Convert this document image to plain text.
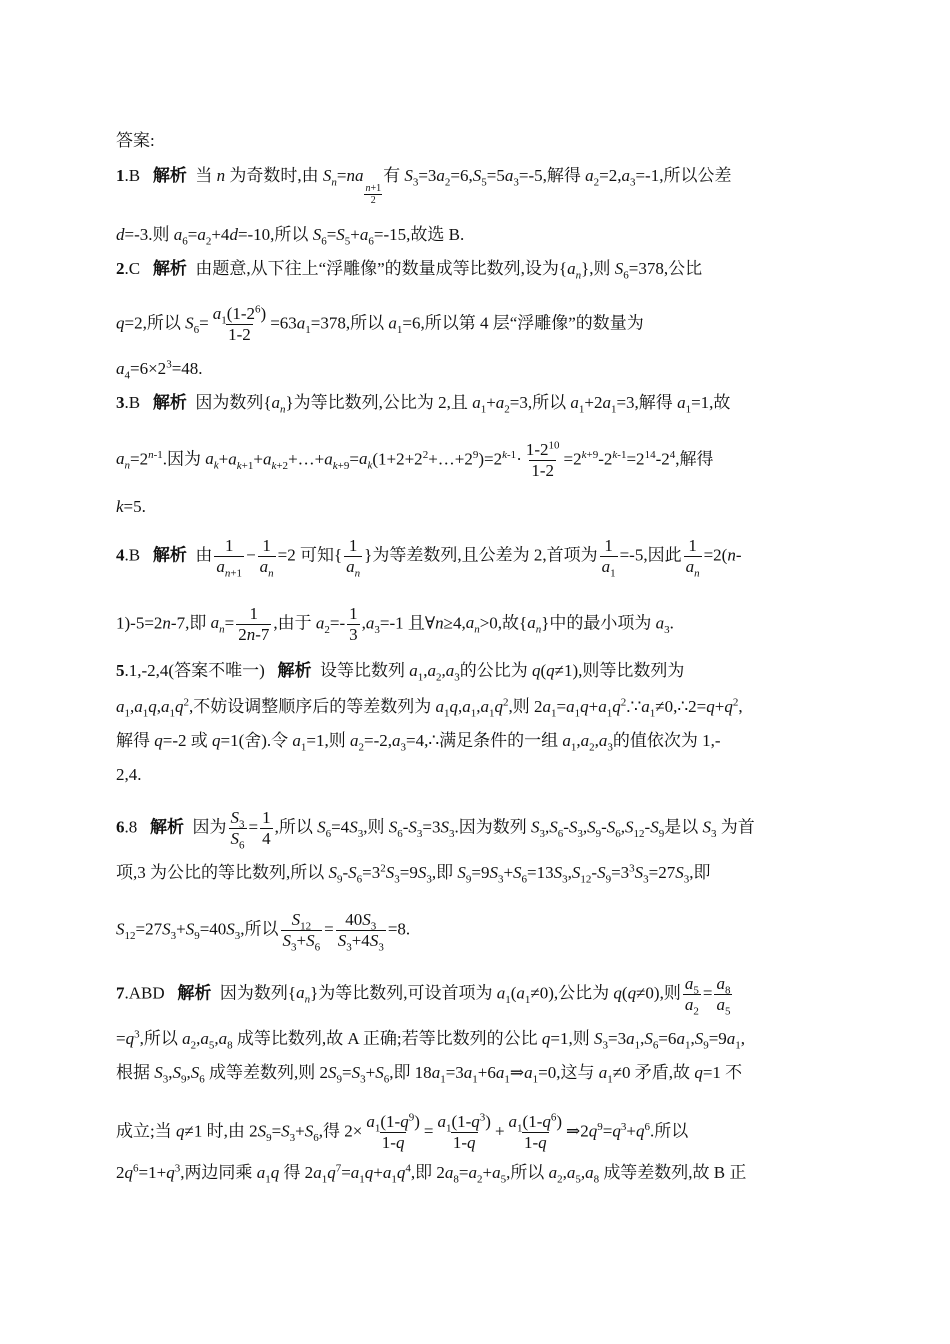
答案:
1.B 解析  当 n 为奇数时,由 $S_n=na$
$\frac{n+1}{2}$
有 $S_3=3a_2=6,S_5=5a_3=-5$,解得 $a_2=2,a_3=-1$,所以公差
d=-3.则 $a_6=a_2+4d=-10$,所以 $S_6=S_5+a_6=-15$,故选 B.
2.C 解析  由题意,从下往上“浮雕像”的数量成等比数列,设为$\{a_n\}$,则 $S_6=378$,公比
q=2,所以 $S_6= \frac{a_1(1-2^6)}{1-2} =63a_1=378$,所以 $a_1=6$,所以第 4 层“浮雕像”的数量为
$a_4=6\times 2^3=48$.
3.B 解析  因为数列$\{a_n\}$为等比数列,公比为 2,且 $a_1+a_2=3$,所以 $a_1+2a_1=3$,解得 $a_1=1$,故
$a_n=2^{n-1}$.因为 $a_k+a_{k+1}+a_{k+2}+\dots+a_{k+9}=a_k(1+2+2^2+\dots+2^9)=2^{k-1}\cdot \frac{1-2^{10}}{1-2} =2^{k+9}-2^{k-1}=2^{14}-2^4$,解得
k=5.
4.B 解析  由 $\frac{1}{a_{n+1}} - \frac{1}{a_n} =2$ 可知{ $\frac{1}{a_n}$ }为等差数列,且公差为 2,首项为 $\frac{1}{a_1} =-5$,因此 $\frac{1}{a_n} =2(n-$
1)-5=2n-7,即 $a_n= \frac{1}{2n-7}$ ,由于 $a_2=- \frac{1}{3} ,a_3=-1$ 且$\forall n\ge 4,a_n>0$,故$\{a_n\}$中的最小项为 $a_3$.
5.1,-2,4(答案不唯一) 解析  设等比数列 $a_1,a_2,a_3$的公比为 q(q≠1),则等比数列为
$a_1,a_1q,a_1q^2$,不妨设调整顺序后的等差数列为 $a_1q,a_1,a_1q^2$,则 $2a_1=a_1q+a_1q^2.\because a_1\ne 0,\therefore 2=q+q^2$,
解得 q=-2 或 q=1(舍).令 $a_1=1$,则 $a_2=-2,a_3=4,\therefore$满足条件的一组 $a_1,a_2,a_3$的值依次为 1,-
2,4.
6.8 解析  因为 $\frac{S_3}{S_6} = \frac{1}{4}$ ,所以 $S_6=4S_3$,则 $S_6-S_3=3S_3$.因为数列 $S_3,S_6-S_3,S_9-S_6,S_{12}-S_9$是以 $S_3$ 为首
项,3 为公比的等比数列,所以 $S_9-S_6=3^2S_3=9S_3$,即 $S_9=9S_3+S_6=13S_3,S_{12}-S_9=3^3S_3=27S_3$,即
$S_{12}=27S_3+S_9=40S_3$,所以 $\frac{S_{12}}{S_3+S_6} = \frac{40S_3}{S_3+4S_3} =8$.
7.ABD 解析  因为数列$\{a_n\}$为等比数列,可设首项为 $a_1(a_1\ne 0)$,公比为 q(q≠0),则 $\frac{a_5}{a_2} = \frac{a_8}{a_5}$
$=q^3$,所以 $a_2,a_5,a_8$ 成等比数列,故 A 正确;若等比数列的公比 q=1,则 $S_3=3a_1,S_6=6a_1,S_9=9a_1$,
根据 $S_3,S_9,S_6$ 成等差数列,则 $2S_9=S_3+S_6$,即 $18a_1=3a_1+6a_1\Rightarrow a_1=0$,这与 $a_1\ne 0$ 矛盾,故 q=1 不
成立;当 q≠1 时,由 $2S_9=S_3+S_6$,得 $2\times \frac{a_1(1-q^9)}{1-q} = \frac{a_1(1-q^3)}{1-q} + \frac{a_1(1-q^6)}{1-q}$ $\Rightarrow 2q^9=q^3+q^6$.所以
$2q^6=1+q^3$,两边同乘 $a_1q$ 得 $2a_1q^7=a_1q+a_1q^4$,即 $2a_8=a_2+a_5$,所以 $a_2,a_5,a_8$ 成等差数列,故 B 正
